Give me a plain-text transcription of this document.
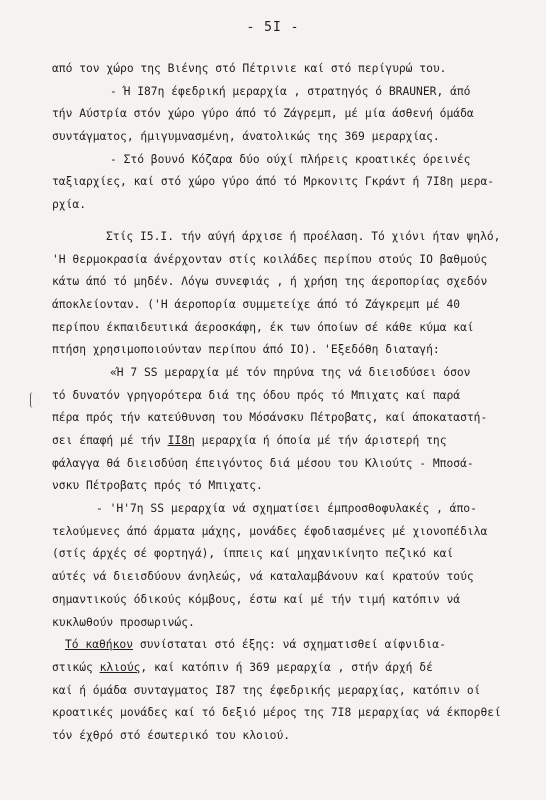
- 5I -
από τον χώρο της Βιένης στό Πέτρινιε καί στό περίγυρώ του.
- Ή Ι87η έφεδρική μεραρχία , στρατηγός ό BRAUNER, άπό
τήν Αύστρία στόν χώρο γύρο άπό τό Ζάγρεμπ, μέ μία άσθενή όμάδα
συντάγματος, ήμιγυμνασμένη, άνατολικώς της 369 μεραρχίας.
- Στό βουνό Κόζαρα δύο ούχί πλήρεις κροατικές όρεινές
ταξιαρχίες, καί στό χώρο γύρο άπό τό Μρκονιτς Γκράντ ή 7Ι8η μερα-
ρχία.
Στίς Ι5.Ι. τήν αύγή άρχισε ή προέλαση. Τό χιόνι ήταν ψηλό,
'Η θερμοκρασία άνέρχονταν στίς κοιλάδες περίπου στούς ΙΟ βαθμούς
κάτω άπό τό μηδέν. Λόγω συνεφιάς , ή χρήση της άεροπορίας σχεδόν
άποκλείονταν. ('Η άεροπορία συμμετείχε άπό τό Ζάγκρεμπ μέ 40
περίπου έκπαιδευτικά άεροσκάφη, έκ των όποίων σέ κάθε κύμα καί
πτήση χρησιμοποιούνταν περίπου άπό ΙΟ). 'Εξεδόθη διαταγή:
«Ή 7 SS μεραρχία μέ τόν πηρύνα της νά διεισδύσει όσον
τό δυνατόν γρηγορότερα διά της όδου πρός τό Μπιχατς καί παρά
πέρα πρός τήν κατεύθυνση του Μόσάνσκυ Πέτροβατς, καί άποκαταστή-
σει έπαφή μέ τήν ΙΙ8η μεραρχία ή όποία μέ τήν άριστερή της
φάλαγγα θά διεισδύση έπειγόντος διά μέσου του Κλιούτς - Μποσά-
νσκυ Πέτροβατς πρός τό Μπιχατς.
- 'Η'7η SS μεραρχία νά σχηματίσει έμπροσθοφυλακές , άπο-
τελούμενες άπό άρματα μάχης, μονάδες έφοδιασμένες μέ χιονοπέδιλα
(στίς άρχές σέ φορτηγά), ίππεις καί μηχανικίνητο πεζικό καί
αύτές νά διεισδύουν άνηλεώς, νά καταλαμβάνουν καί κρατούν τούς
σημαντικούς όδικούς κόμβους, έστω καί μέ τήν τιμή κατόπιν νά
κυκλωθούν προσωρινώς.
Τό καθήκον συνίσταται στό έξης: νά σχηματισθεί αίφνιδια-
στικώς κλιούς, καί κατόπιν ή 369 μεραρχία , στήν άρχή δέ
καί ή όμάδα συνταγματος Ι87 της έφεδρικής μεραρχίας, κατόπιν οί
κροατικές μονάδες καί τό δεξιό μέρος της 7Ι8 μεραρχίας νά έκπορθεί
τόν έχθρό στό έσωτερικό του κλοιού.
